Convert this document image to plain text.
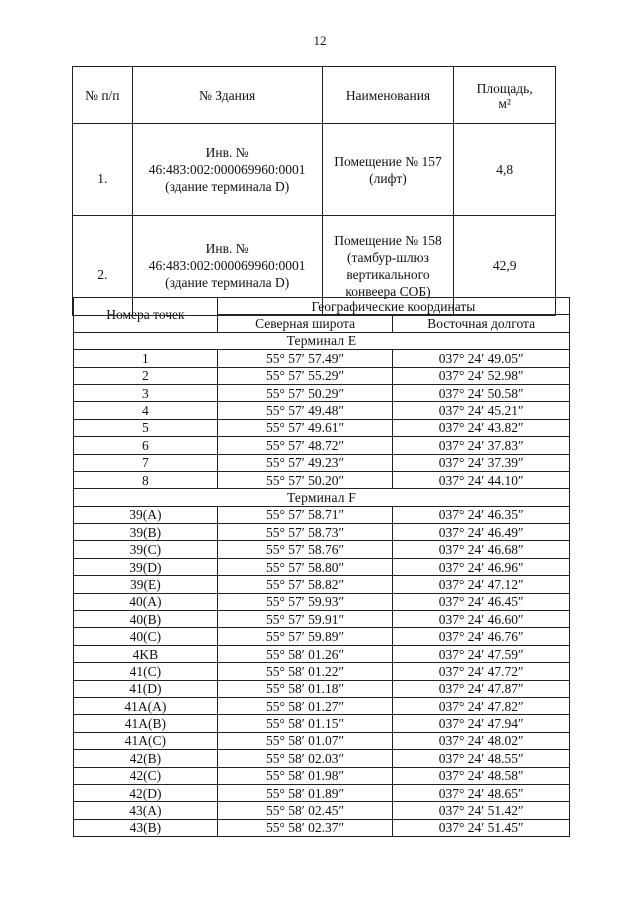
12
№ п/п	№ Здания	Наименования	Площадь,
м²
1.	Инв. №
46:483:002:000069960:0001
(здание терминала D)	Помещение № 157
(лифт)	4,8
2.	Инв. №
46:483:002:000069960:0001
(здание терминала D)	Помещение № 158
(тамбур-шлюз
вертикального
конвеера СОБ)	42,9
Номера точек	Географические координаты	
	Северная широта	Восточная долгота
Терминал E		
1	55° 57′ 57.49″	037° 24′ 49.05″
2	55° 57′ 55.29″	037° 24′ 52.98″
3	55° 57′ 50.29″	037° 24′ 50.58″
4	55° 57′ 49.48″	037° 24′ 45.21″
5	55° 57′ 49.61″	037° 24′ 43.82″
6	55° 57′ 48.72″	037° 24′ 37.83″
7	55° 57′ 49.23″	037° 24′ 37.39″
8	55° 57′ 50.20″	037° 24′ 44.10″
Терминал F		
39(A)	55° 57′ 58.71″	037° 24′ 46.35″
39(B)	55° 57′ 58.73″	037° 24′ 46.49″
39(C)	55° 57′ 58.76″	037° 24′ 46.68″
39(D)	55° 57′ 58.80″	037° 24′ 46.96″
39(E)	55° 57′ 58.82″	037° 24′ 47.12″
40(A)	55° 57′ 59.93″	037° 24′ 46.45″
40(B)	55° 57′ 59.91″	037° 24′ 46.60″
40(C)	55° 57′ 59.89″	037° 24′ 46.76″
4KB	55° 58′ 01.26″	037° 24′ 47.59″
41(C)	55° 58′ 01.22″	037° 24′ 47.72″
41(D)	55° 58′ 01.18″	037° 24′ 47.87″
41A(A)	55° 58′ 01.27″	037° 24′ 47.82″
41A(B)	55° 58′ 01.15″	037° 24′ 47.94″
41A(C)	55° 58′ 01.07″	037° 24′ 48.02″
42(B)	55° 58′ 02.03″	037° 24′ 48.55″
42(C)	55° 58′ 01.98″	037° 24′ 48.58″
42(D)	55° 58′ 01.89″	037° 24′ 48.65″
43(A)	55° 58′ 02.45″	037° 24′ 51.42″
43(B)	55° 58′ 02.37″	037° 24′ 51.45″
